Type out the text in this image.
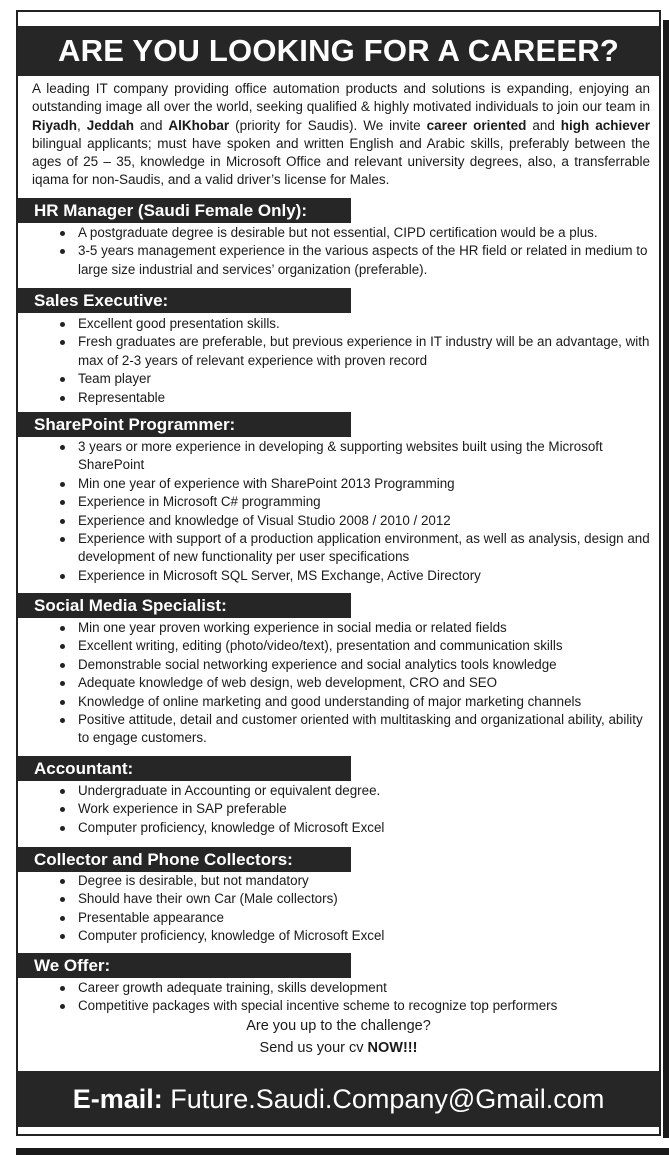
ARE YOU LOOKING FOR A CAREER?
A leading IT company providing office automation products and solutions is expanding, enjoying an outstanding image all over the world, seeking qualified & highly motivated individuals to join our team in Riyadh, Jeddah and AlKhobar (priority for Saudis). We invite career oriented and high achiever bilingual applicants; must have spoken and written English and Arabic skills, preferably between the ages of 25 – 35, knowledge in Microsoft Office and relevant university degrees, also, a transferrable iqama for non-Saudis, and a valid driver’s license for Males.
HR Manager (Saudi Female Only):
A postgraduate degree is desirable but not essential, CIPD certification would be a plus.
3-5 years management experience in the various aspects of the HR field or related in medium to large size industrial and services’ organization (preferable).
Sales Executive:
Excellent good presentation skills.
Fresh graduates are preferable, but previous experience in IT industry will be an advantage, with max of 2-3 years of relevant experience with proven record
Team player
Representable
SharePoint Programmer:
3 years or more experience in developing & supporting websites built using the Microsoft SharePoint
Min one year of experience with SharePoint 2013 Programming
Experience in Microsoft C# programming
Experience and knowledge of Visual Studio 2008 / 2010 / 2012
Experience with support of a production application environment, as well as analysis, design and development of new functionality per user specifications
Experience in Microsoft SQL Server, MS Exchange, Active Directory
Social Media Specialist:
Min one year proven working experience in social media or related fields
Excellent writing, editing (photo/video/text), presentation and communication skills
Demonstrable social networking experience and social analytics tools knowledge
Adequate knowledge of web design, web development, CRO and SEO
Knowledge of online marketing and good understanding of major marketing channels
Positive attitude, detail and customer oriented with multitasking and organizational ability, ability to engage customers.
Accountant:
Undergraduate in Accounting or equivalent degree.
Work experience in SAP preferable
Computer proficiency, knowledge of Microsoft Excel
Collector and Phone Collectors:
Degree is desirable, but not mandatory
Should have their own Car (Male collectors)
Presentable appearance
Computer proficiency, knowledge of Microsoft Excel
We Offer:
Career growth adequate training, skills development
Competitive packages with special incentive scheme to recognize top performers
Are you up to the challenge?
Send us your cv NOW!!!
E-mail: Future.Saudi.Company@Gmail.com
